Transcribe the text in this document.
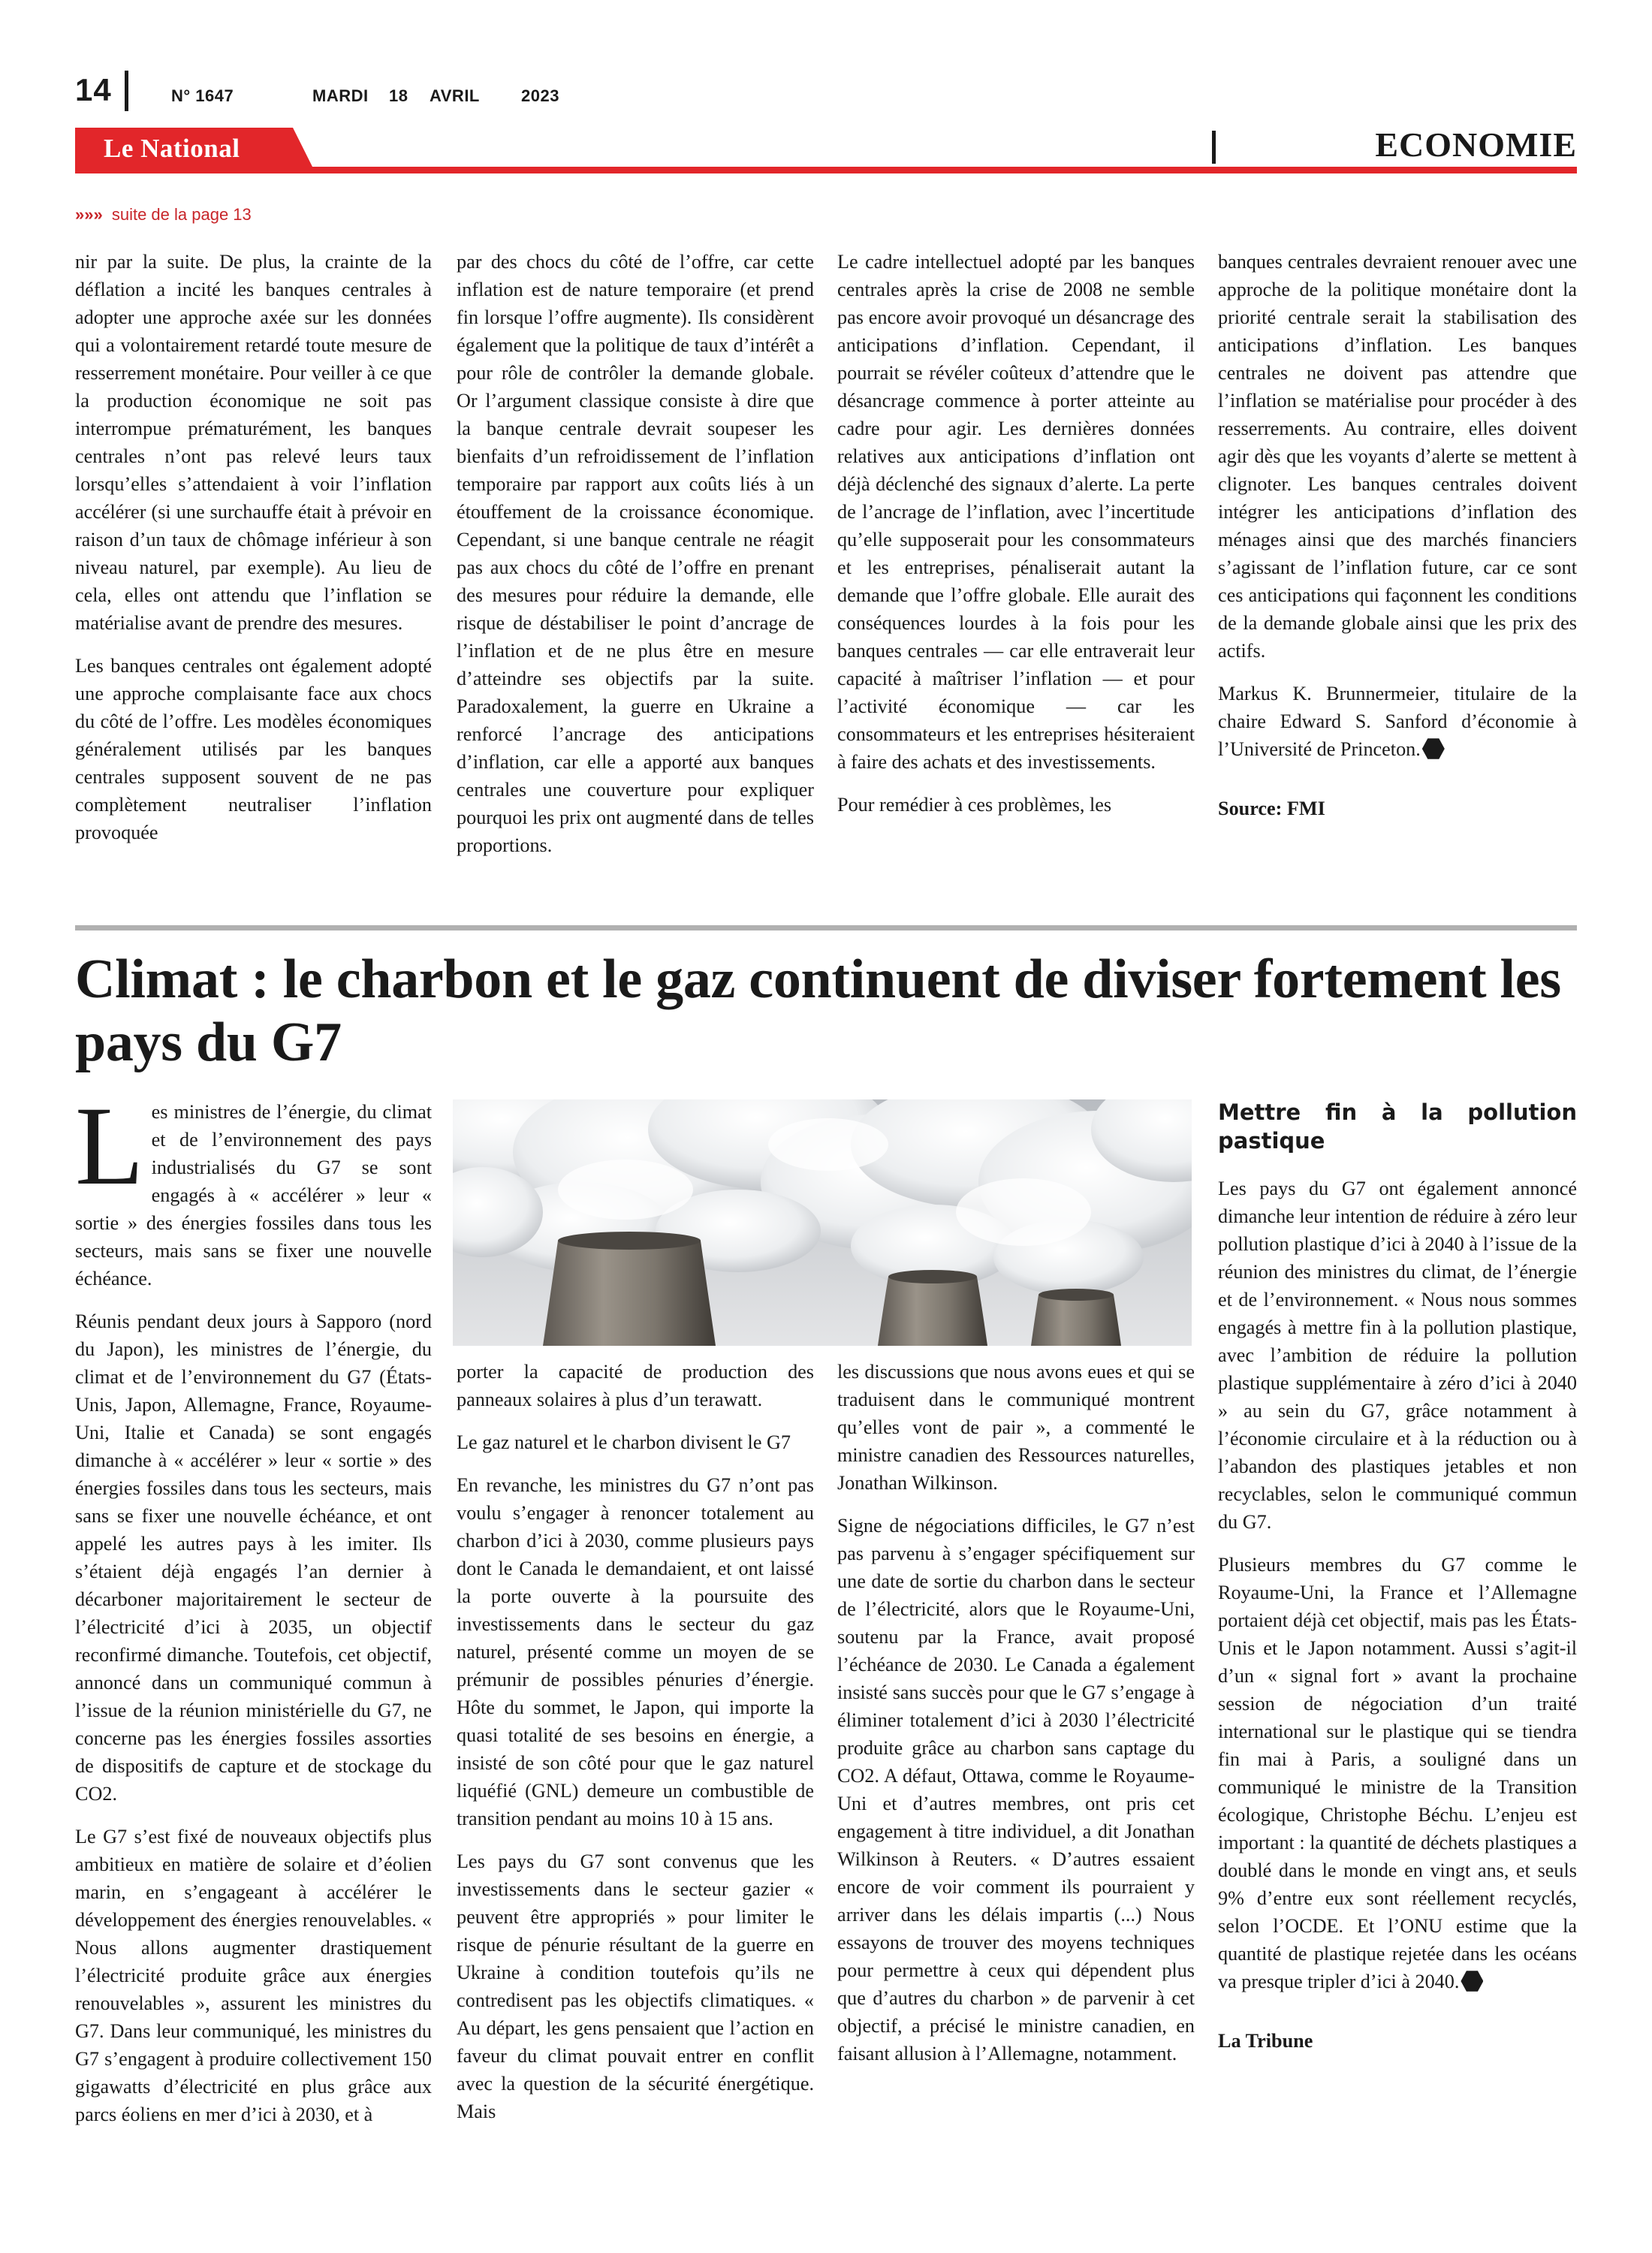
14	N° 1647	MARDI 18 AVRIL	2023
Le National	ECONOMIE
»»» suite de la page 13

nir par la suite. De plus, la crainte de la déflation a incité les banques centrales à adopter une approche axée sur les données qui a volontairement retardé toute mesure de resserrement monétaire. Pour veiller à ce que la production économique ne soit pas interrompue prématurément, les banques centrales n’ont pas relevé leurs taux lorsqu’elles s’attendaient à voir l’inflation accélérer (si une surchauffe était à prévoir en raison d’un taux de chômage inférieur à son niveau naturel, par exemple). Au lieu de cela, elles ont attendu que l’inflation se matérialise avant de prendre des mesures.

Les banques centrales ont également adopté une approche complaisante face aux chocs du côté de l’offre. Les modèles économiques généralement utilisés par les banques centrales supposent souvent de ne pas complètement neutraliser l’inflation provoquée

par des chocs du côté de l’offre, car cette inflation est de nature temporaire (et prend fin lorsque l’offre augmente). Ils considèrent également que la politique de taux d’intérêt a pour rôle de contrôler la demande globale. Or l’argument classique consiste à dire que la banque centrale devrait soupeser les bienfaits d’un refroidissement de l’inflation temporaire par rapport aux coûts liés à un étouffement de la croissance économique. Cependant, si une banque centrale ne réagit pas aux chocs du côté de l’offre en prenant des mesures pour réduire la demande, elle risque de déstabiliser le point d’ancrage de l’inflation et de ne plus être en mesure d’atteindre ses objectifs par la suite. Paradoxalement, la guerre en Ukraine a renforcé l’ancrage des anticipations d’inflation, car elle a apporté aux banques centrales une couverture pour expliquer pourquoi les prix ont augmenté dans de telles proportions.

Le cadre intellectuel adopté par les banques centrales après la crise de 2008 ne semble pas encore avoir provoqué un désancrage des anticipations d’inflation. Cependant, il pourrait se révéler coûteux d’attendre que le désancrage commence à porter atteinte au cadre pour agir. Les dernières données relatives aux anticipations d’inflation ont déjà déclenché des signaux d’alerte. La perte de l’ancrage de l’inflation, avec l’incertitude qu’elle supposerait pour les consommateurs et les entreprises, pénaliserait autant la demande que l’offre globale. Elle aurait des conséquences lourdes à la fois pour les banques centrales — car elle entraverait leur capacité à maîtriser l’inflation — et pour l’activité économique — car les consommateurs et les entreprises hésiteraient à faire des achats et des investissements.

Pour remédier à ces problèmes, les

banques centrales devraient renouer avec une approche de la politique monétaire dont la priorité centrale serait la stabilisation des anticipations d’inflation. Les banques centrales ne doivent pas attendre que l’inflation se matérialise pour procéder à des resserrements. Au contraire, elles doivent agir dès que les voyants d’alerte se mettent à clignoter. Les banques centrales doivent intégrer les anticipations d’inflation des ménages ainsi que des marchés financiers s’agissant de l’inflation future, car ce sont ces anticipations qui façonnent les conditions de la demande globale ainsi que les prix des actifs.

Markus K. Brunnermeier, titulaire de la chaire Edward S. Sanford d’économie à l’Université de Princeton.

Source: FMI
Climat : le charbon et le gaz continuent de diviser fortement les pays du G7

Les ministres de l’énergie, du climat et de l’environnement des pays industrialisés du G7 se sont engagés à « accélérer » leur « sortie » des énergies fossiles dans tous les secteurs, mais sans se fixer une nouvelle échéance.

Réunis pendant deux jours à Sapporo (nord du Japon), les ministres de l’énergie, du climat et de l’environnement du G7 (États-Unis, Japon, Allemagne, France, Royaume-Uni, Italie et Canada) se sont engagés dimanche à « accélérer » leur « sortie » des énergies fossiles dans tous les secteurs, mais sans se fixer une nouvelle échéance, et ont appelé les autres pays à les imiter. Ils s’étaient déjà engagés l’an dernier à décarboner majoritairement le secteur de l’électricité d’ici à 2035, un objectif reconfirmé dimanche. Toutefois, cet objectif, annoncé dans un communiqué commun à l’issue de la réunion ministérielle du G7, ne concerne pas les énergies fossiles assorties de dispositifs de capture et de stockage du CO2.

Le G7 s’est fixé de nouveaux objectifs plus ambitieux en matière de solaire et d’éolien marin, en s’engageant à accélérer le développement des énergies renouvelables. « Nous allons augmenter drastiquement l’électricité produite grâce aux énergies renouvelables », assurent les ministres du G7. Dans leur communiqué, les ministres du G7 s’engagent à produire collectivement 150 gigawatts d’électricité en plus grâce aux parcs éoliens en mer d’ici à 2030, et à

porter la capacité de production des panneaux solaires à plus d’un terawatt.

Le gaz naturel et le charbon divisent le G7

En revanche, les ministres du G7 n’ont pas voulu s’engager à renoncer totalement au charbon d’ici à 2030, comme plusieurs pays dont le Canada le demandaient, et ont laissé la porte ouverte à la poursuite des investissements dans le secteur du gaz naturel, présenté comme un moyen de se prémunir de possibles pénuries d’énergie. Hôte du sommet, le Japon, qui importe la quasi totalité de ses besoins en énergie, a insisté de son côté pour que le gaz naturel liquéfié (GNL) demeure un combustible de transition pendant au moins 10 à 15 ans.

Les pays du G7 sont convenus que les investissements dans le secteur gazier « peuvent être appropriés » pour limiter le risque de pénurie résultant de la guerre en Ukraine à condition toutefois qu’ils ne contredisent pas les objectifs climatiques. « Au départ, les gens pensaient que l’action en faveur du climat pouvait entrer en conflit avec la question de la sécurité énergétique. Mais

les discussions que nous avons eues et qui se traduisent dans le communiqué montrent qu’elles vont de pair », a commenté le ministre canadien des Ressources naturelles, Jonathan Wilkinson.

Signe de négociations difficiles, le G7 n’est pas parvenu à s’engager spécifiquement sur une date de sortie du charbon dans le secteur de l’électricité, alors que le Royaume-Uni, soutenu par la France, avait proposé l’échéance de 2030. Le Canada a également insisté sans succès pour que le G7 s’engage à éliminer totalement d’ici à 2030 l’électricité produite grâce au charbon sans captage du CO2. A défaut, Ottawa, comme le Royaume-Uni et d’autres membres, ont pris cet engagement à titre individuel, a dit Jonathan Wilkinson à Reuters. « D’autres essaient encore de voir comment ils pourraient y arriver dans les délais impartis (...) Nous essayons de trouver des moyens techniques pour permettre à ceux qui dépendent plus que d’autres du charbon » de parvenir à cet objectif, a précisé le ministre canadien, en faisant allusion à l’Allemagne, notamment.

Mettre fin à la pollution pastique

Les pays du G7 ont également annoncé dimanche leur intention de réduire à zéro leur pollution plastique d’ici à 2040 à l’issue de la réunion des ministres du climat, de l’énergie et de l’environnement. « Nous nous sommes engagés à mettre fin à la pollution plastique, avec l’ambition de réduire la pollution plastique supplémentaire à zéro d’ici à 2040 » au sein du G7, grâce notamment à l’économie circulaire et à la réduction ou à l’abandon des plastiques jetables et non recyclables, selon le communiqué commun du G7.

Plusieurs membres du G7 comme le Royaume-Uni, la France et l’Allemagne portaient déjà cet objectif, mais pas les États-Unis et le Japon notamment. Aussi s’agit-il d’un « signal fort » avant la prochaine session de négociation d’un traité international sur le plastique qui se tiendra fin mai à Paris, a souligné dans un communiqué le ministre de la Transition écologique, Christophe Béchu. L’enjeu est important : la quantité de déchets plastiques a doublé dans le monde en vingt ans, et seuls 9% d’entre eux sont réellement recyclés, selon l’OCDE. Et l’ONU estime que la quantité de plastique rejetée dans les océans va presque tripler d’ici à 2040.

La Tribune
